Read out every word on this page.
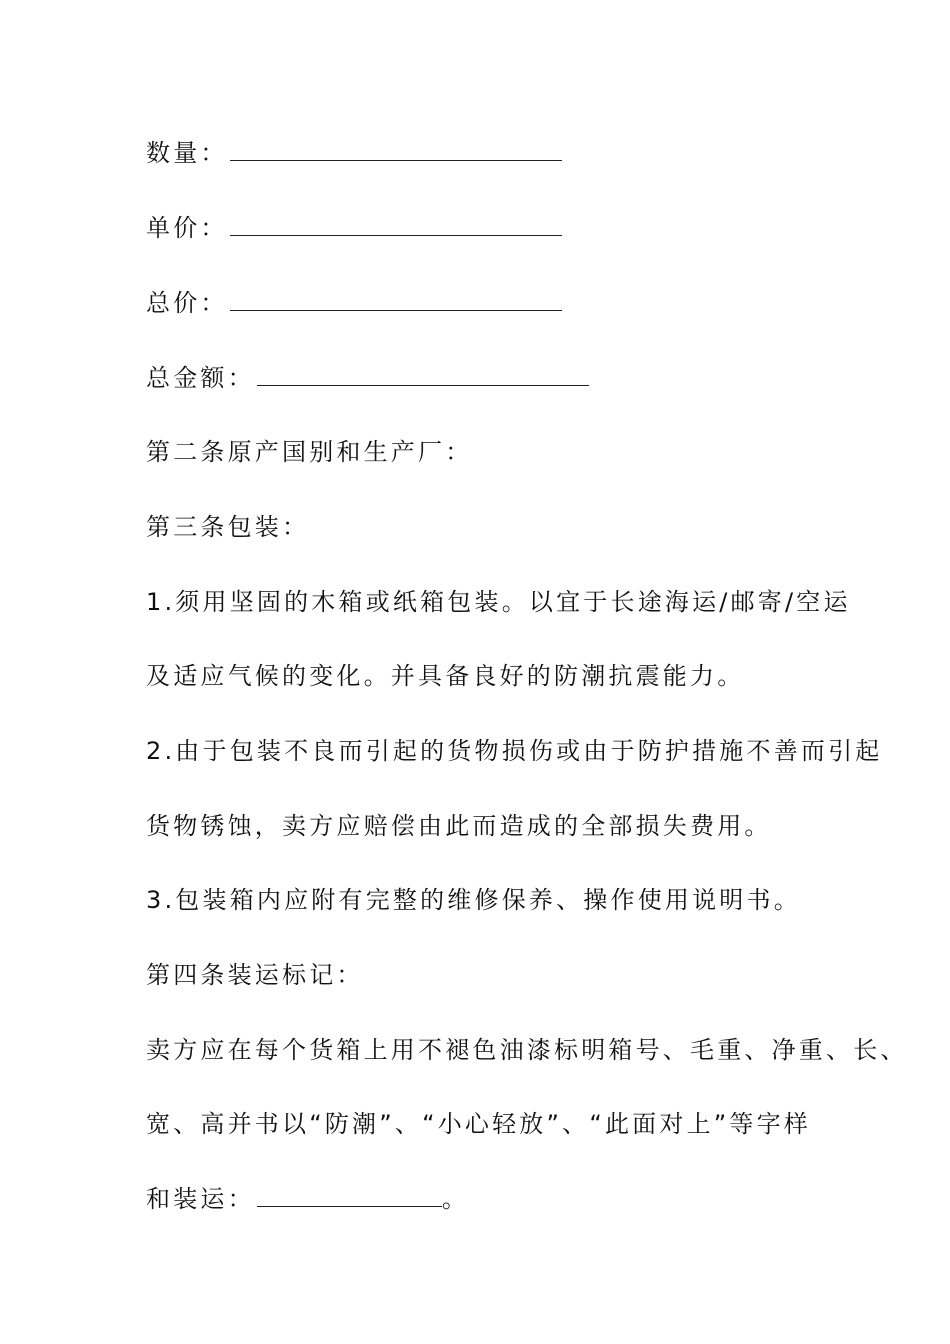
数量：
单价：
总价：
总金额：
第二条原产国别和生产厂：
第三条包装：
1.须用坚固的木箱或纸箱包装。以宜于长途海运/邮寄/空运
及适应气候的变化。并具备良好的防潮抗震能力。
2.由于包装不良而引起的货物损伤或由于防护措施不善而引起
货物锈蚀，卖方应赔偿由此而造成的全部损失费用。
3.包装箱内应附有完整的维修保养、操作使用说明书。
第四条装运标记：
卖方应在每个货箱上用不褪色油漆标明箱号、毛重、净重、长、
宽、高并书以“防潮”、“小心轻放”、“此面对上”等字样
和装运：	。
